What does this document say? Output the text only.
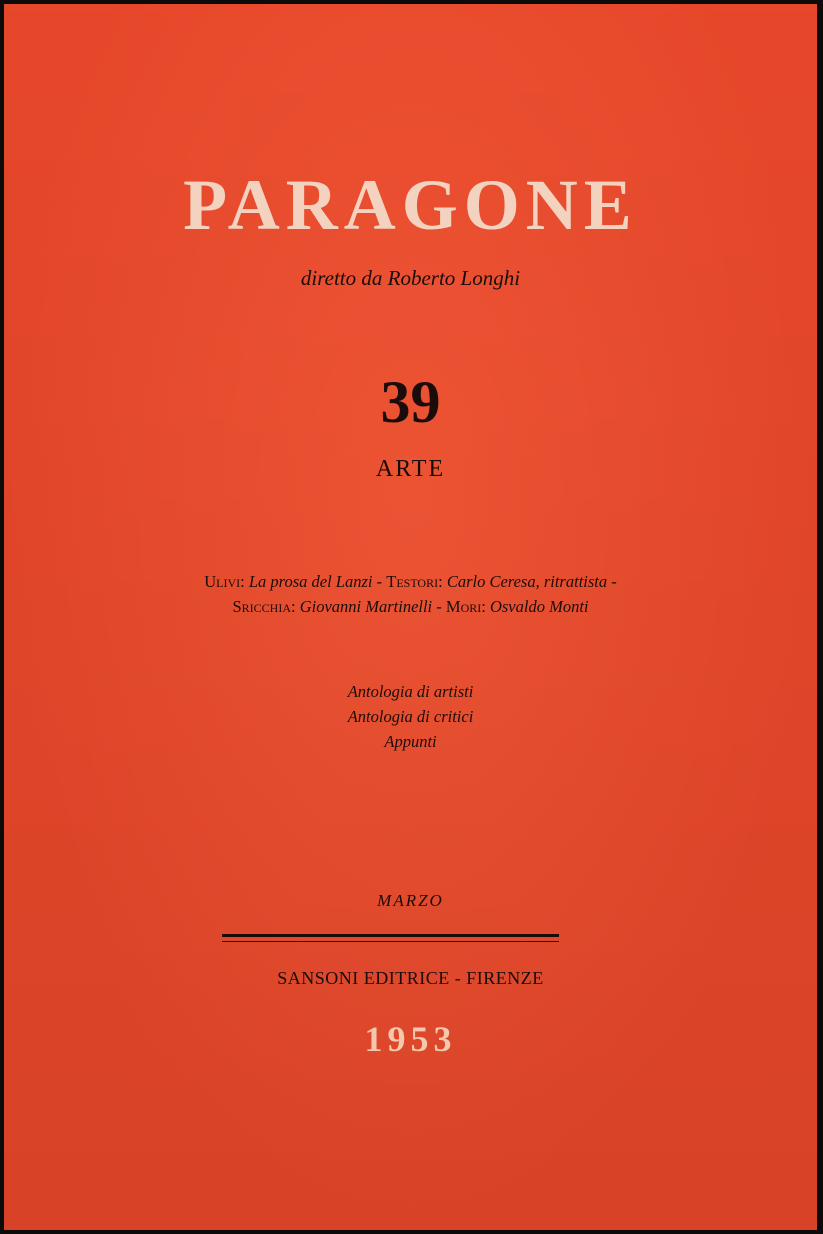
PARAGONE
diretto da Roberto Longhi
39
ARTE
Ulivi: La prosa del Lanzi - Testori: Carlo Ceresa, ritrattista - Sricchia: Giovanni Martinelli - Mori: Osvaldo Monti
Antologia di artisti
Antologia di critici
Appunti
MARZO
SANSONI EDITRICE - FIRENZE
1953
